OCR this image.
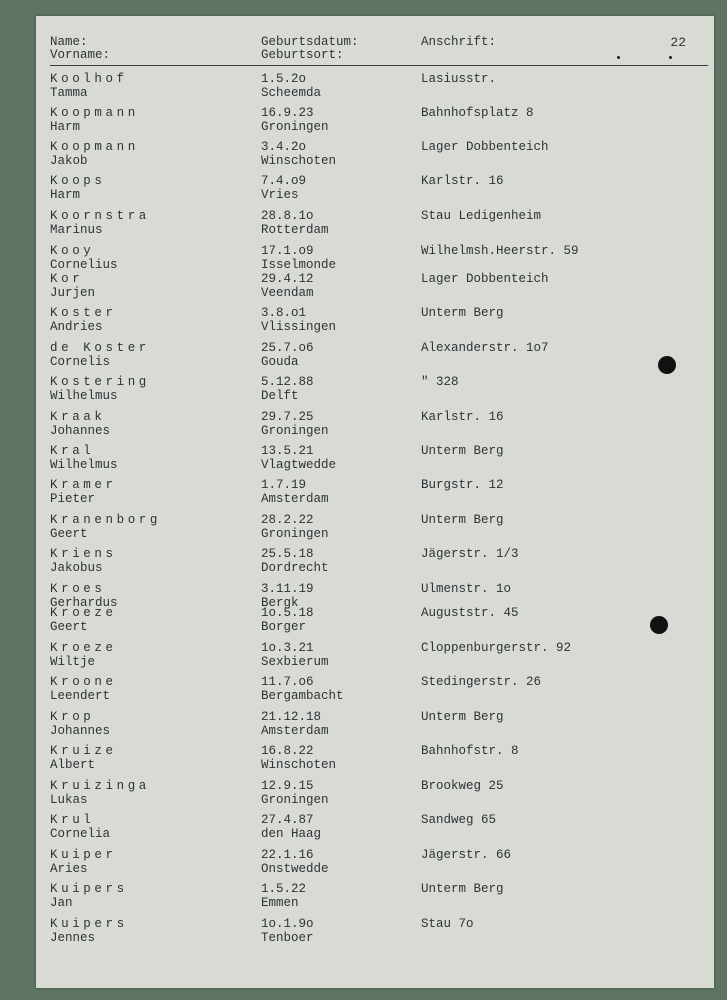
Name:
Vorname:
Geburtsdatum:
Geburtsort:
Anschrift:	22
Koolhof
Tamma
1.5.2o
Scheemda
Lasiusstr.
Koopmann
Harm
16.9.23
Groningen
Bahnhofsplatz 8
Koopmann
Jakob
3.4.2o
Winschoten
Lager Dobbenteich
Koops
Harm
7.4.o9
Vries
Karlstr. 16
Koornstra
Marinus
28.8.1o
Rotterdam
Stau Ledigenheim
Kooy
Cornelius
17.1.o9
Isselmonde
Wilhelmsh.Heerstr. 59
Kor
Jurjen
29.4.12
Veendam
Lager Dobbenteich
Koster
Andries
3.8.o1
Vlissingen
Unterm Berg
de Koster
Cornelis
25.7.o6
Gouda
Alexanderstr. 1o7
Kostering
Wilhelmus
5.12.88
Delft
" 328
Kraak
Johannes
29.7.25
Groningen
Karlstr. 16
Kral
Wilhelmus
13.5.21
Vlagtwedde
Unterm Berg
Kramer
Pieter
1.7.19
Amsterdam
Burgstr. 12
Kranenborg
Geert
28.2.22
Groningen
Unterm Berg
Kriens
Jakobus
25.5.18
Dordrecht
Jägerstr. 1/3
Kroes
Gerhardus
3.11.19
Bergk
Ulmenstr. 1o
Kroeze
Geert
1o.5.18
Borger
Auguststr. 45
Kroeze
Wiltje
1o.3.21
Sexbierum
Cloppenburgerstr. 92
Kroone
Leendert
11.7.o6
Bergambacht
Stedingerstr. 26
Krop
Johannes
21.12.18
Amsterdam
Unterm Berg
Kruize
Albert
16.8.22
Winschoten
Bahnhofstr. 8
Kruizinga
Lukas
12.9.15
Groningen
Brookweg 25
Krul
Cornelia
27.4.87
den Haag
Sandweg 65
Kuiper
Aries
22.1.16
Onstwedde
Jägerstr. 66
Kuipers
Jan
1.5.22
Emmen
Unterm Berg
Kuipers
Jennes
1o.1.9o
Tenboer
Stau 7o
